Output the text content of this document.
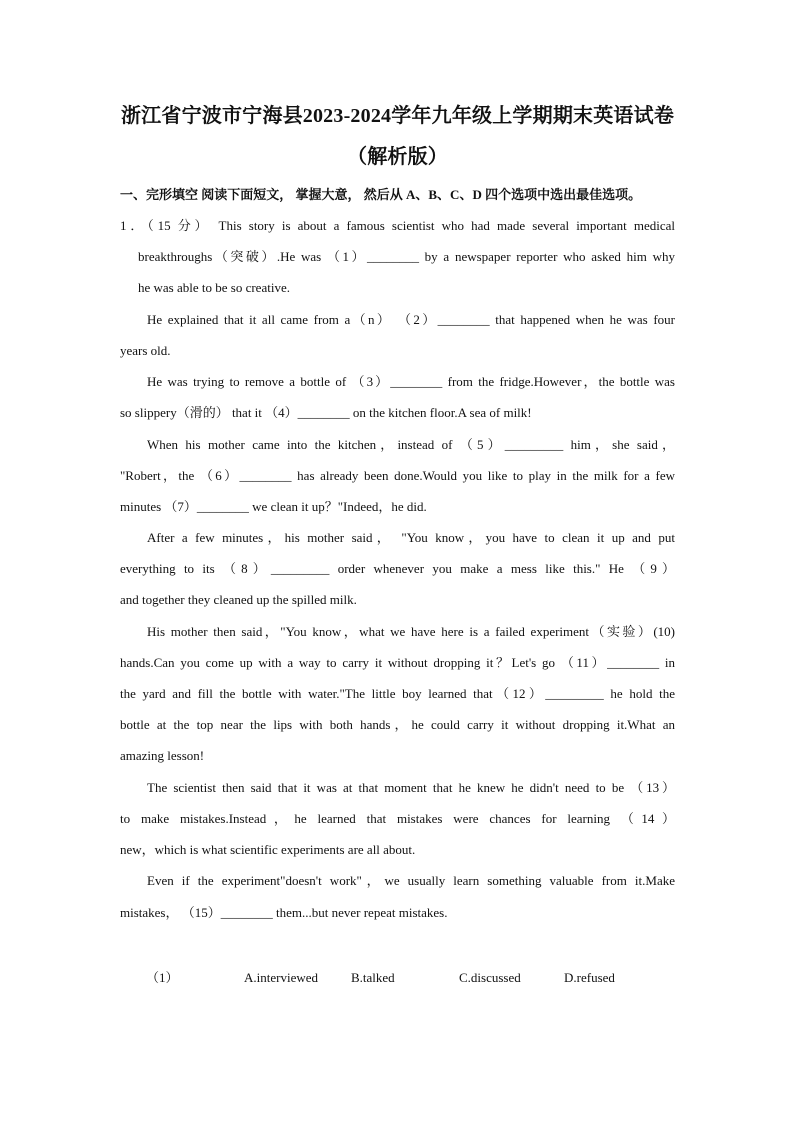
浙江省宁波市宁海县2023-2024学年九年级上学期期末英语试卷
（解析版）
一、完形填空 阅读下面短文， 掌握大意， 然后从 A、B、C、D 四个选项中选出最佳选项。
1．（15 分） This story is about a famous scientist who had made several important medical
breakthroughs（突破）.He was （1）________ by a newspaper reporter who asked him why
he was able to be so creative.
He explained that it all came from a（n） （2）________ that happened when he was four
years old.
He was trying to remove a bottle of （3）________ from the fridge.However，the bottle was
so slippery（滑的） that it （4）________ on the kitchen floor.A sea of milk!
When his mother came into the kitchen，instead of （5）_________ him，she said，
"Robert，the （6）________ has already been done.Would you like to play in the milk for a few
minutes （7）________ we clean it up？"Indeed，he did.
After a few minutes，his mother said， "You know，you have to clean it up and put
everything to its （8）_________ order whenever you make a mess like this." He （9）
and together they cleaned up the spilled milk.
His mother then said，"You know，what we have here is a failed experiment（实验）(10)
hands.Can you come up with a way to carry it without dropping it？Let's go （11）________ in
the yard and fill the bottle with water."The little boy learned that（12）_________ he hold the
bottle at the top near the lips with both hands，he could carry it without dropping it.What an
amazing lesson!
The scientist then said that it was at that moment that he knew he didn't need to be （13）
to make mistakes.Instead，he learned that mistakes were chances for learning （14）
new，which is what scientific experiments are all about.
Even if the experiment"doesn't work"，we usually learn something valuable from it.Make
mistakes， （15）________ them...but never repeat mistakes.
（1）	A.interviewed	B.talked	C.discussed	D.refused
